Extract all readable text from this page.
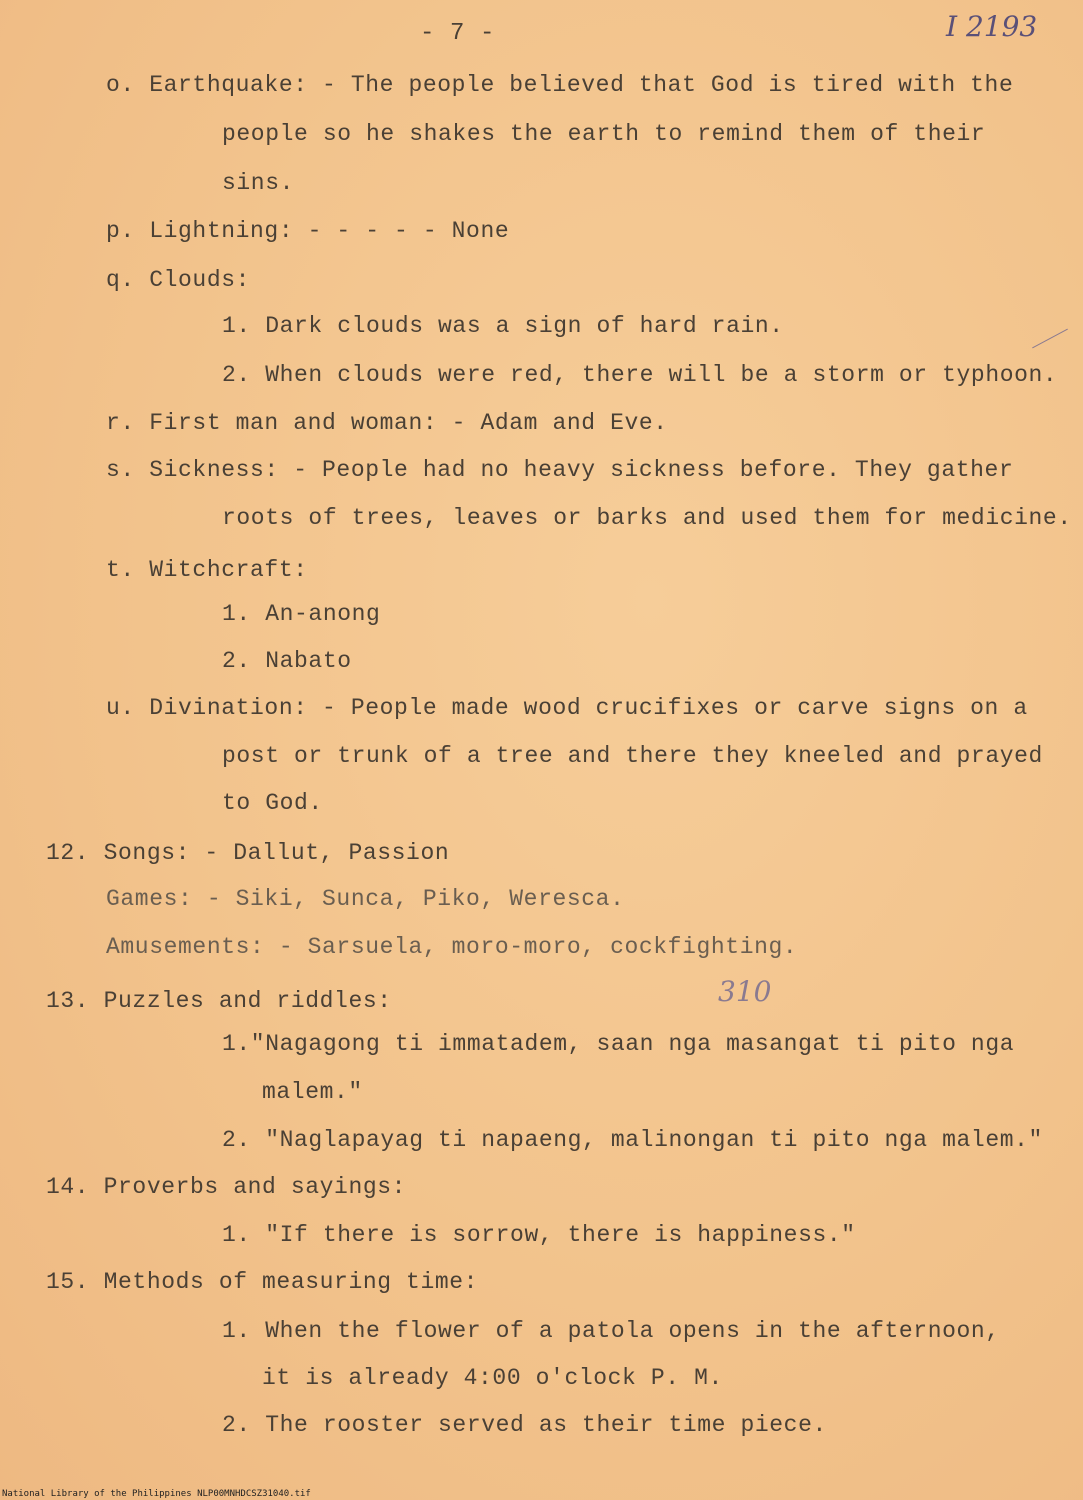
- 7 -	I 2193
o. Earthquake: - The people believed that God is tired with the
people so he shakes the earth to remind them of their
sins.
p. Lightning: - - - - - None
q. Clouds:
1. Dark clouds was a sign of hard rain.
2. When clouds were red, there will be a storm or typhoon.
r. First man and woman: - Adam and Eve.
s. Sickness: - People had no heavy sickness before. They gather
roots of trees, leaves or barks and used them for medicine.
t. Witchcraft:
1. An-anong
2. Nabato
u. Divination: - People made wood crucifixes or carve signs on a
post or trunk of a tree and there they kneeled and prayed
to God.
12. Songs: - Dallut, Passion
Games: - Siki, Sunca, Piko, Weresca.
Amusements: - Sarsuela, moro-moro, cockfighting.
13. Puzzles and riddles:	310
1."Nagagong ti immatadem, saan nga masangat ti pito nga
malem."
2. "Naglapayag ti napaeng, malinongan ti pito nga malem."
14. Proverbs and sayings:
1. "If there is sorrow, there is happiness."
15. Methods of measuring time:
1. When the flower of a patola opens in the afternoon,
it is already 4:00 o'clock P. M.
2. The rooster served as their time piece.
National Library of the Philippines NLP00MNHDCSZ31040.tif
